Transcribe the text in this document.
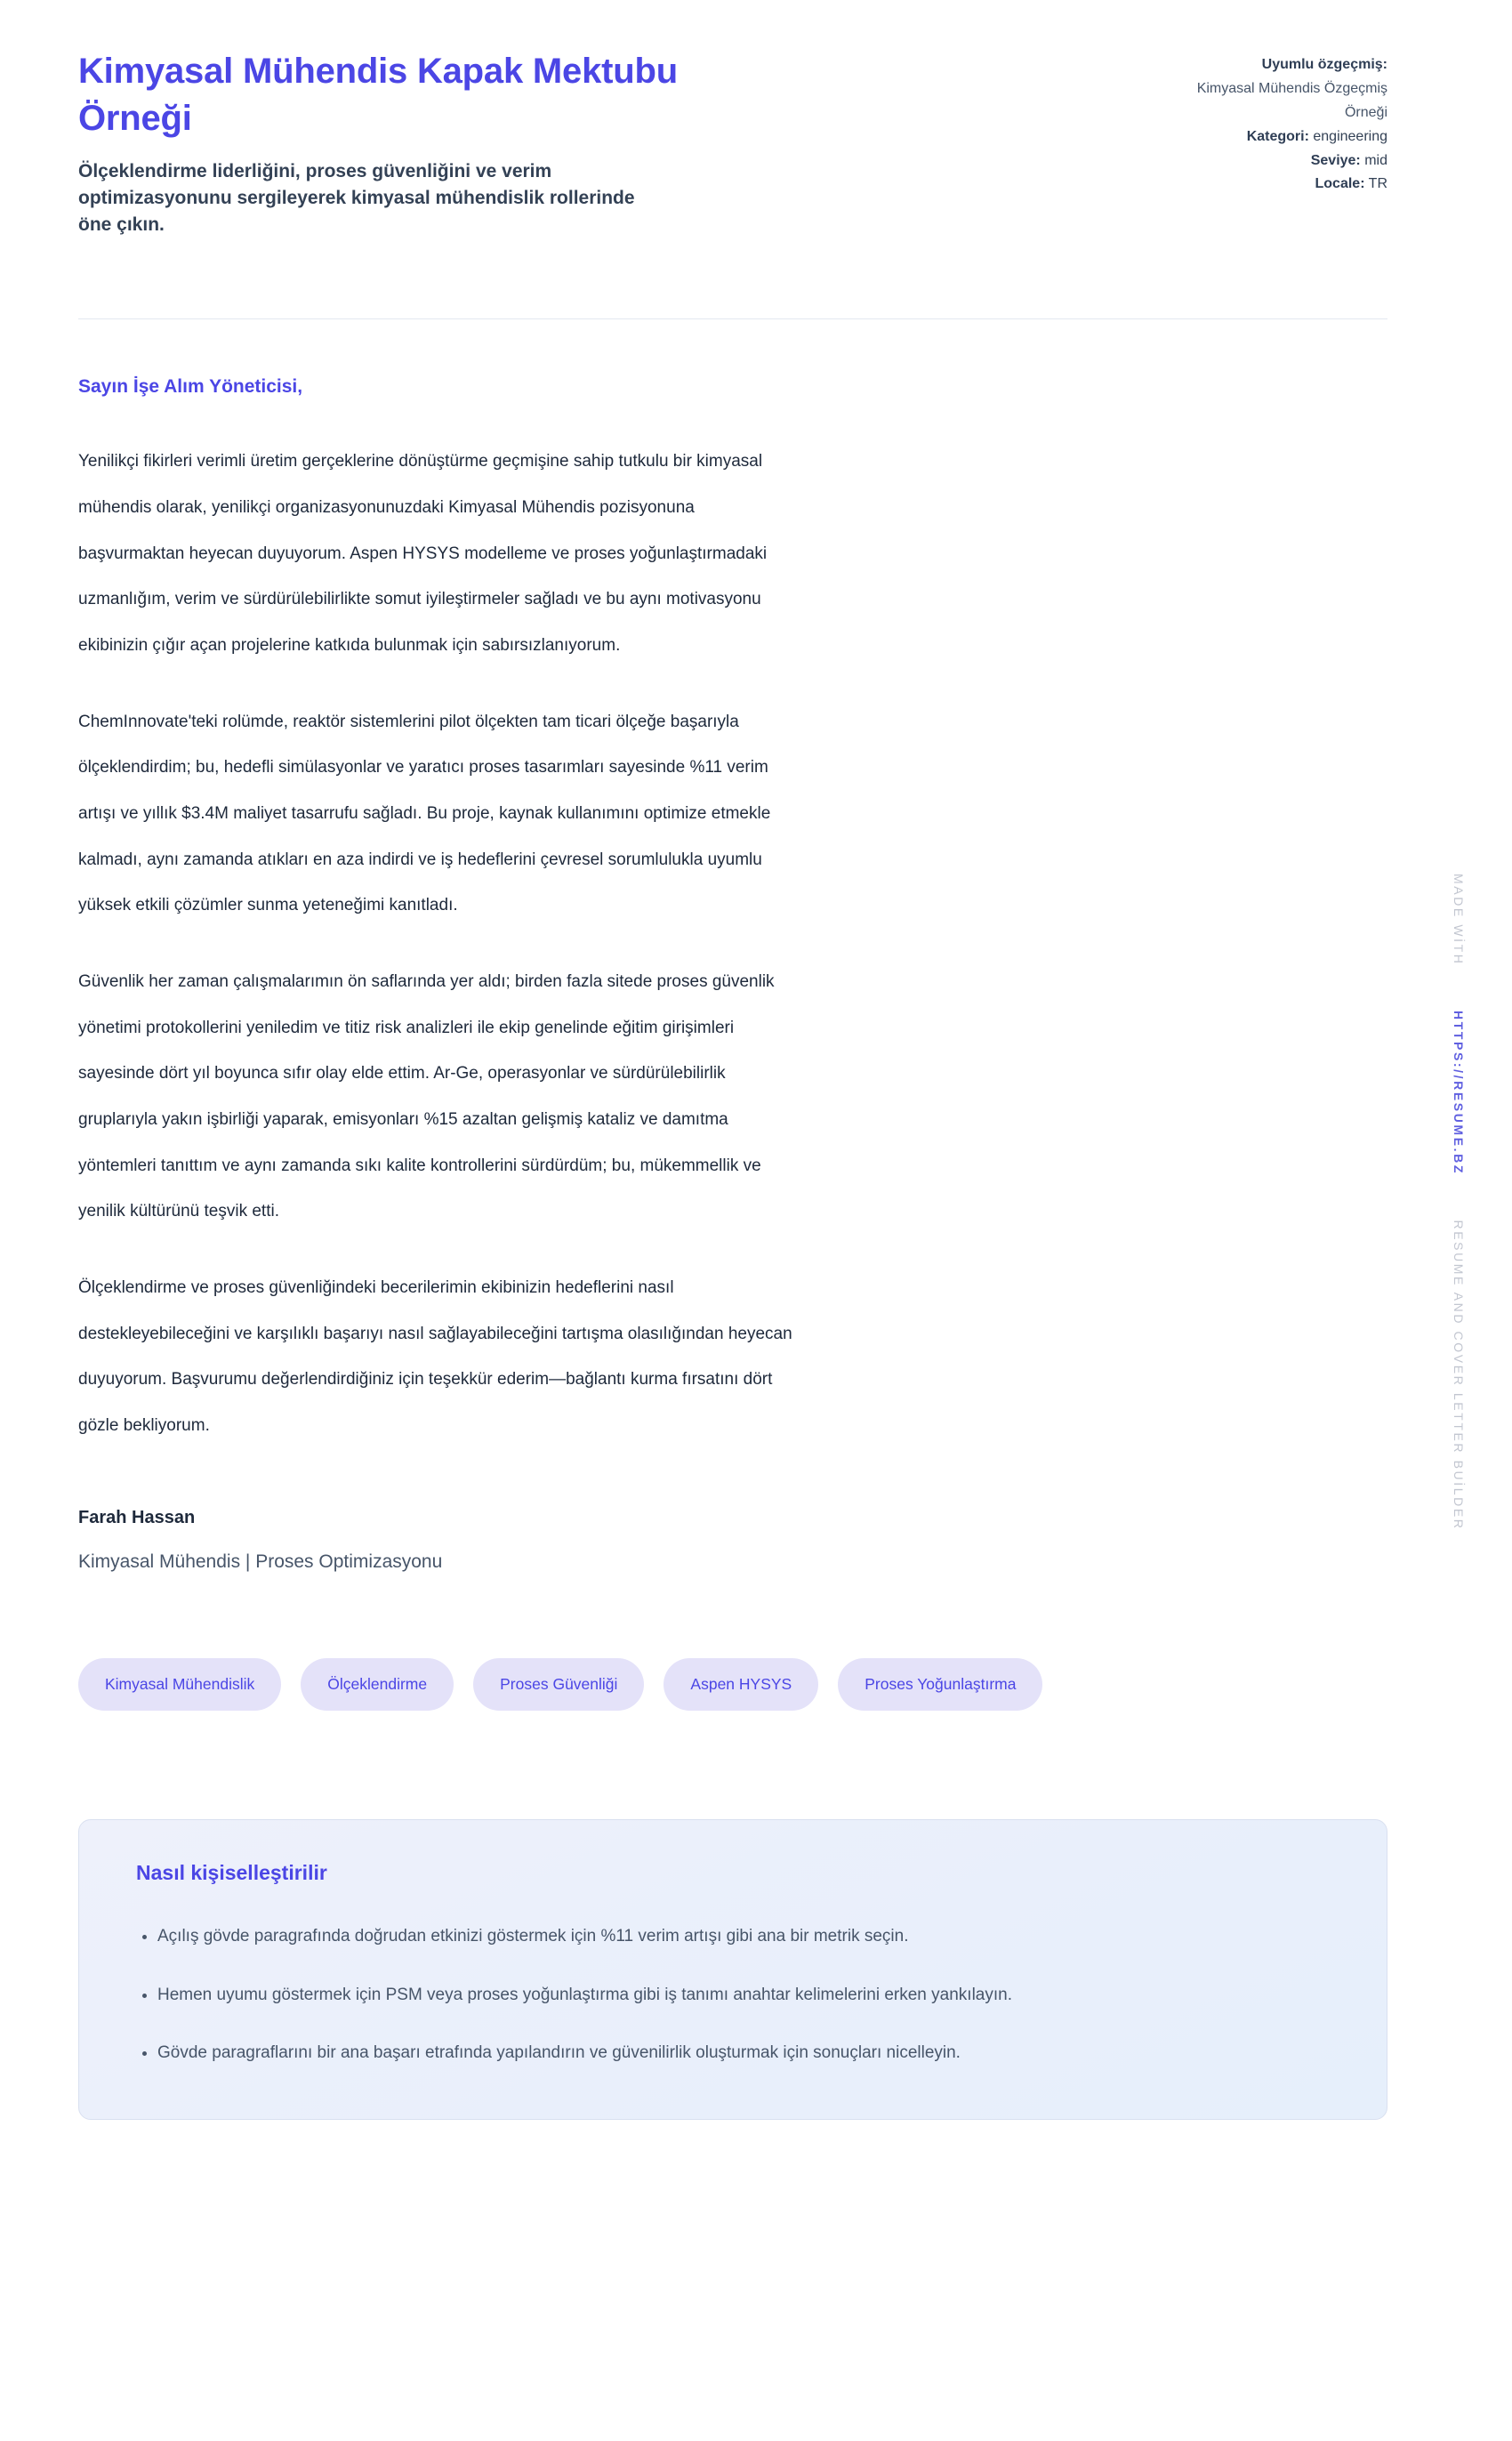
Kimyasal Mühendis Kapak Mektubu Örneği

Ölçeklendirme liderliğini, proses güvenliğini ve verim optimizasyonunu sergileyerek kimyasal mühendislik rollerinde öne çıkın.

Uyumlu özgeçmiş: Kimyasal Mühendis Özgeçmiş Örneği
Kategori: engineering
Seviye: mid
Locale: TR

Sayın İşe Alım Yöneticisi,

Yenilikçi fikirleri verimli üretim gerçeklerine dönüştürme geçmişine sahip tutkulu bir kimyasal mühendis olarak, yenilikçi organizasyonunuzdaki Kimyasal Mühendis pozisyonuna başvurmaktan heyecan duyuyorum. Aspen HYSYS modelleme ve proses yoğunlaştırmadaki uzmanlığım, verim ve sürdürülebilirlikte somut iyileştirmeler sağladı ve bu aynı motivasyonu ekibinizin çığır açan projelerine katkıda bulunmak için sabırsızlanıyorum.

ChemInnovate'teki rolümde, reaktör sistemlerini pilot ölçekten tam ticari ölçeğe başarıyla ölçeklendirdim; bu, hedefli simülasyonlar ve yaratıcı proses tasarımları sayesinde %11 verim artışı ve yıllık $3.4M maliyet tasarrufu sağladı. Bu proje, kaynak kullanımını optimize etmekle kalmadı, aynı zamanda atıkları en aza indirdi ve iş hedeflerini çevresel sorumlulukla uyumlu yüksek etkili çözümler sunma yeteneğimi kanıtladı.

Güvenlik her zaman çalışmalarımın ön saflarında yer aldı; birden fazla sitede proses güvenlik yönetimi protokollerini yeniledim ve titiz risk analizleri ile ekip genelinde eğitim girişimleri sayesinde dört yıl boyunca sıfır olay elde ettim. Ar-Ge, operasyonlar ve sürdürülebilirlik gruplarıyla yakın işbirliği yaparak, emisyonları %15 azaltan gelişmiş kataliz ve damıtma yöntemleri tanıttım ve aynı zamanda sıkı kalite kontrollerini sürdürdüm; bu, mükemmellik ve yenilik kültürünü teşvik etti.

Ölçeklendirme ve proses güvenliğindeki becerilerimin ekibinizin hedeflerini nasıl destekleyebileceğini ve karşılıklı başarıyı nasıl sağlayabileceğini tartışma olasılığından heyecan duyuyorum. Başvurumu değerlendirdiğiniz için teşekkür ederim—bağlantı kurma fırsatını dört gözle bekliyorum.

Farah Hassan

Kimyasal Mühendis | Proses Optimizasyonu

Kimyasal Mühendislik	Ölçeklendirme	Proses Güvenliği	Aspen HYSYS	Proses Yoğunlaştırma
Nasıl kişiselleştirilir
• Açılış gövde paragrafında doğrudan etkinizi göstermek için %11 verim artışı gibi ana bir metrik seçin.
• Hemen uyumu göstermek için PSM veya proses yoğunlaştırma gibi iş tanımı anahtar kelimelerini erken yankılayın.
• Gövde paragraflarını bir ana başarı etrafında yapılandırın ve güvenilirlik oluşturmak için sonuçları nicelleyin.
MADE WİTH HTTPS://RESUME.BZ RESUME AND COVER LETTER BUİLDER
